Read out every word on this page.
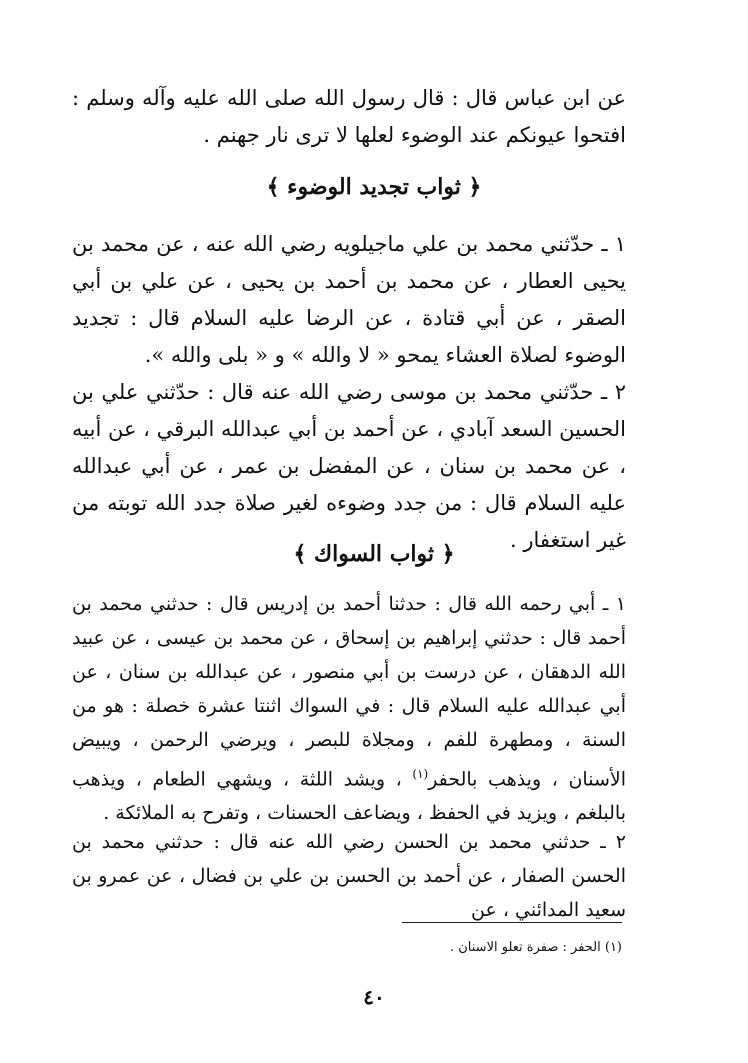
عن ابن عباس قال : قال رسول الله صلى الله عليه وآله وسلم : افتحوا عيونكم عند الوضوء لعلها لا ترى نار جهنم .

﴿ ثواب تجديد الوضوء ﴾

١ ـ حدّثني محمد بن علي ماجيلويه رضي الله عنه ، عن محمد بن يحيى العطار ، عن محمد بن أحمد بن يحيى ، عن علي بن أبي الصقر ، عن أبي قتادة ، عن الرضا عليه السلام قال : تجديد الوضوء لصلاة العشاء يمحو « لا والله » و « بلى والله ».

٢ ـ حدّثني محمد بن موسى رضي الله عنه قال : حدّثني علي بن الحسين السعد آبادي ، عن أحمد بن أبي عبدالله البرقي ، عن أبيه ، عن محمد بن سنان ، عن المفضل بن عمر ، عن أبي عبدالله عليه السلام قال : من جدد وضوءه لغير صلاة جدد الله توبته من غير استغفار .

﴿ ثواب السواك ﴾

١ ـ أبي رحمه الله قال : حدثنا أحمد بن إدريس قال : حدثني محمد بن أحمد قال : حدثني إبراهيم بن إسحاق ، عن محمد بن عيسى ، عن عبيد الله الدهقان ، عن درست بن أبي منصور ، عن عبدالله بن سنان ، عن أبي عبدالله عليه السلام قال : في السواك اثنتا عشرة خصلة : هو من السنة ، ومطهرة للفم ، ومجلاة للبصر ، ويرضي الرحمن ، ويبيض الأسنان ، ويذهب بالحفر$^{(١)}$ ، ويشد اللثة ، ويشهي الطعام ، ويذهب بالبلغم ، ويزيد في الحفظ ، ويضاعف الحسنات ، وتفرح به الملائكة .

٢ ـ حدثني محمد بن الحسن رضي الله عنه قال : حدثني محمد بن الحسن الصفار ، عن أحمد بن الحسن بن علي بن فضال ، عن عمرو بن سعيد المدائني ، عن

(١) الحفر : صفرة تعلو الاسنان .
٤٠
